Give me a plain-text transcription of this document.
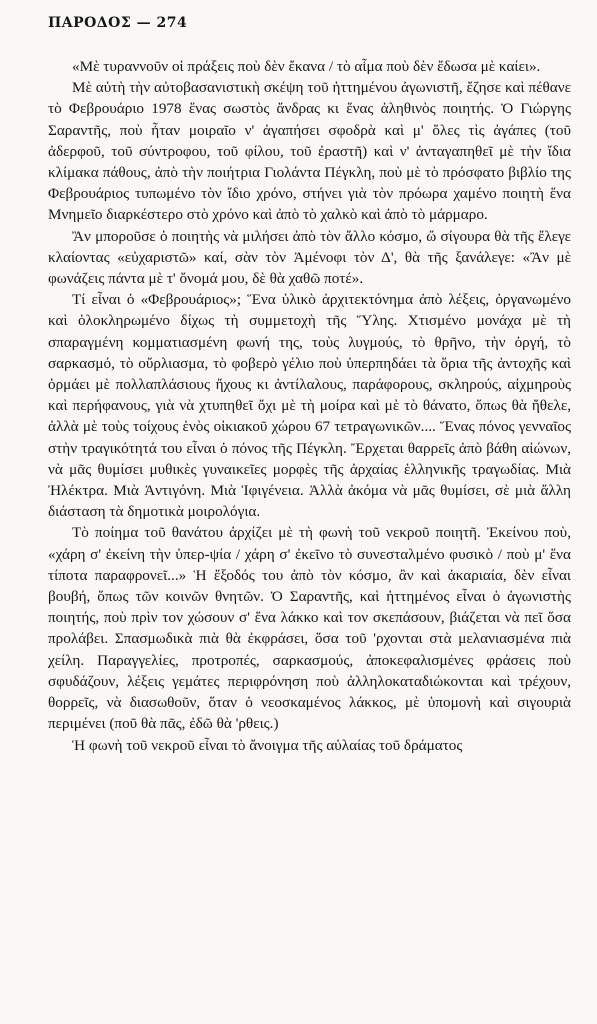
ΠΑΡΟΔΟΣ — 274

«Μὲ τυραννοῦν οἱ πράξεις ποὺ δὲν ἔκανα / τὸ αἷμα ποὺ δὲν ἔδωσα μὲ καίει».

Μὲ αὐτὴ τὴν αὐτοβασανιστικὴ σκέψη τοῦ ἡττημένου ἀγωνιστῆ, ἔζησε καὶ πέθανε τὸ Φεβρουάριο 1978 ἕνας σωστὸς ἄνδρας κι ἕνας ἀληθινὸς ποιητής. Ὁ Γιώργης Σαραντῆς, ποὺ ἦταν μοιραῖο ν' ἀγαπήσει σφοδρὰ καὶ μ' ὅλες τὶς ἀγάπες (τοῦ ἀδερφοῦ, τοῦ σύντροφου, τοῦ φίλου, τοῦ ἐραστῆ) καὶ ν' ἀνταγαπηθεῖ μὲ τὴν ἴδια κλίμακα πάθους, ἀπὸ τὴν ποιήτρια Γιολάντα Πέγκλη, ποὺ μὲ τὸ πρόσφατο βιβλίο της Φεβρουάριος τυπωμένο τὸν ἴδιο χρόνο, στήνει γιὰ τὸν πρόωρα χαμένο ποιητὴ ἕνα Μνημεῖο διαρκέστερο στὸ χρόνο καὶ ἀπὸ τὸ χαλκὸ καὶ ἀπὸ τὸ μάρμαρο.

Ἂν μποροῦσε ὁ ποιητὴς νὰ μιλήσει ἀπὸ τὸν ἄλλο κόσμο, ὤ σίγουρα θὰ τῆς ἔλεγε κλαίοντας «εὐχαριστῶ» καί, σὰν τὸν Ἀμένοφι τὸν Δ', θὰ τῆς ξανάλεγε: «Ἂν μὲ φωνάζεις πάντα μὲ τ' ὄνομά μου, δὲ θὰ χαθῶ ποτέ».

Τί εἶναι ὁ «Φεβρουάριος»; Ἕνα ὑλικὸ ἀρχιτεκτόνημα ἀπὸ λέξεις, ὀργανωμένο καὶ ὁλοκληρωμένο δίχως τὴ συμμετοχὴ τῆς Ὕλης. Χτισμένο μονάχα μὲ τὴ σπαραγμένη κομματιασμένη φωνή της, τοὺς λυγμούς, τὸ θρῆνο, τὴν ὀργή, τὸ σαρκασμό, τὸ οὔρλιασμα, τὸ φοβερὸ γέλιο ποὺ ὑπερπηδάει τὰ ὅρια τῆς ἀντοχῆς καὶ ὁρμάει μὲ πολλαπλάσιους ἤχους κι ἀντίλαλους, παράφορους, σκληρούς, αἰχμηροὺς καὶ περήφανους, γιὰ νὰ χτυπηθεῖ ὄχι μὲ τὴ μοίρα καὶ μὲ τὸ θάνατο, ὅπως θὰ ἤθελε, ἀλλὰ μὲ τοὺς τοίχους ἑνὸς οἰκιακοῦ χώρου 67 τετραγωνικῶν.... Ἕνας πόνος γενναῖος στὴν τραγικότητά του εἶναι ὁ πόνος τῆς Πέγκλη. Ἔρχεται θαρρεῖς ἀπὸ βάθη αἰώνων, νὰ μᾶς θυμίσει μυθικὲς γυναικεῖες μορφὲς τῆς ἀρχαίας ἑλληνικῆς τραγωδίας. Μιὰ Ἠλέκτρα. Μιὰ Ἀντιγόνη. Μιὰ Ἰφιγένεια. Ἀλλὰ ἀκόμα νὰ μᾶς θυμίσει, σὲ μιὰ ἄλλη διάσταση τὰ δημοτικὰ μοιρολόγια.

Τὸ ποίημα τοῦ θανάτου ἀρχίζει μὲ τὴ φωνὴ τοῦ νεκροῦ ποιητῆ. Ἐκείνου ποὺ, «χάρη σ' ἐκείνη τὴν ὑπερ-ψία / χάρη σ' ἐκεῖνο τὸ συνεσταλμένο φυσικὸ / ποὺ μ' ἕνα τίποτα παραφρονεῖ...» Ἡ ἔξοδός του ἀπὸ τὸν κόσμο, ἂν καὶ ἀκαριαία, δὲν εἶναι βουβή, ὅπως τῶν κοινῶν θνητῶν. Ὁ Σαραντῆς, καὶ ἡττημένος εἶναι ὁ ἀγωνιστὴς ποιητής, ποὺ πρὶν τον χώσουν σ' ἕνα λάκκο καὶ τον σκεπάσουν, βιάζεται νὰ πεῖ ὅσα προλάβει. Σπασμωδικὰ πιὰ θὰ ἐκφράσει, ὅσα τοῦ 'ρχονται στὰ μελανιασμένα πιὰ χείλη. Παραγγελίες, προτροπές, σαρκασμούς, ἀποκεφαλισμένες φράσεις ποὺ σφυδάζουν, λέξεις γεμάτες περιφρόνηση ποὺ ἀλληλοκαταδιώκονται καὶ τρέχουν, θορρεῖς, νὰ διασωθοῦν, ὅταν ὁ νεοσκαμένος λάκκος, μὲ ὑπομονὴ καὶ σιγουριὰ περιμένει (ποῦ θὰ πᾶς, ἐδῶ θὰ 'ρθεις.)

Ἡ φωνὴ τοῦ νεκροῦ εἶναι τὸ ἄνοιγμα τῆς αὐλαίας τοῦ δράματος
